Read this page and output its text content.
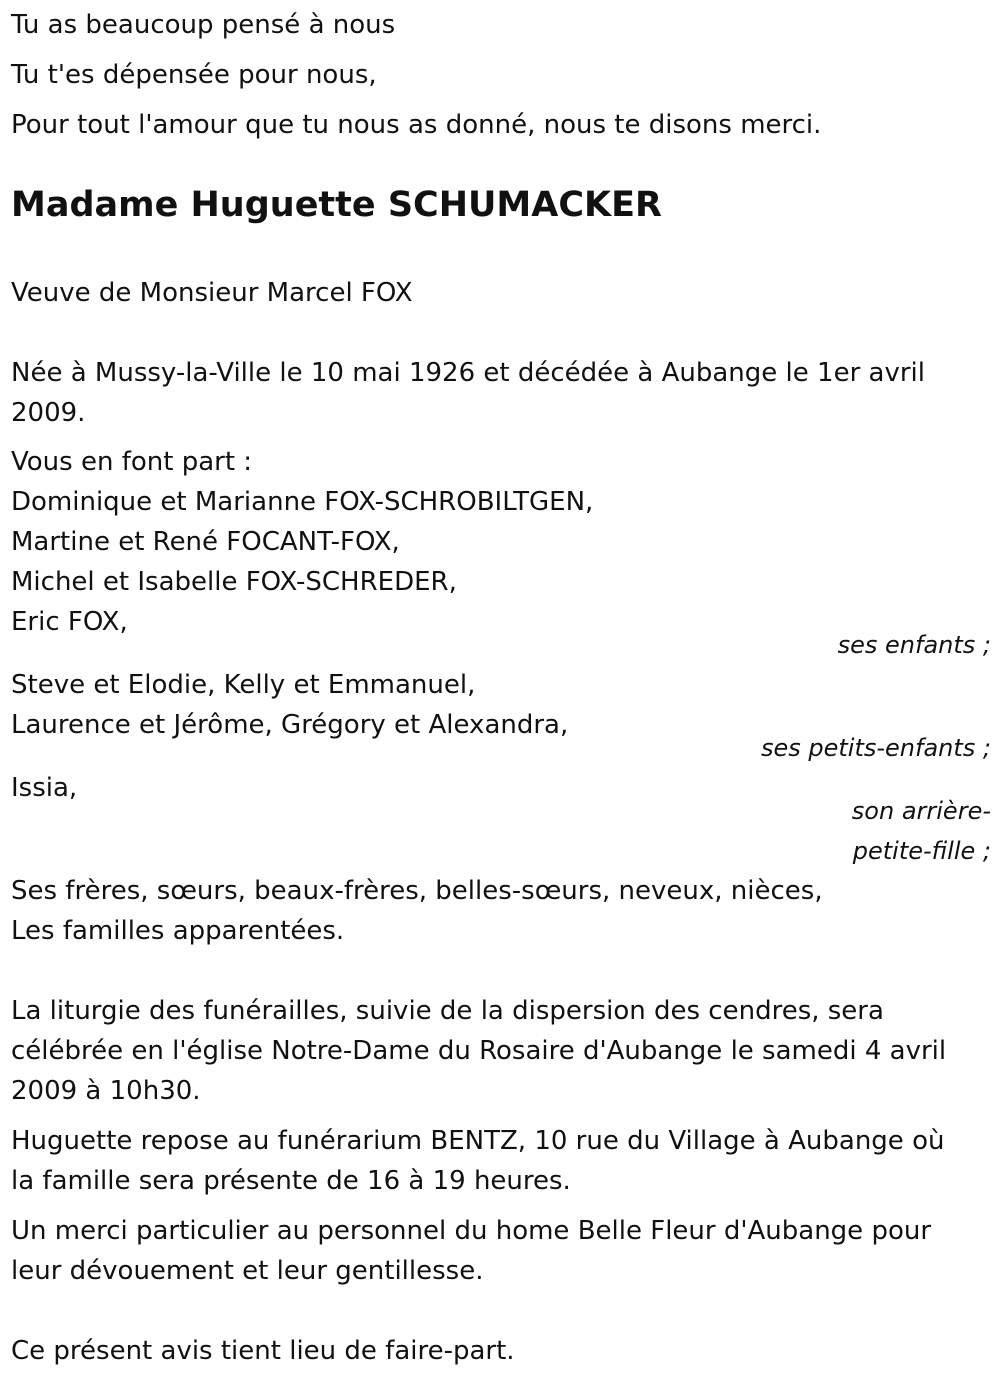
Tu as beaucoup pensé à nous
Tu t'es dépensée pour nous,
Pour tout l'amour que tu nous as donné, nous te disons merci.
Madame Huguette SCHUMACKER
Veuve de Monsieur Marcel FOX
Née à Mussy-la-Ville le 10 mai 1926 et décédée à Aubange le 1er avril
2009.
Vous en font part :
Dominique et Marianne FOX-SCHROBILTGEN,
Martine et René FOCANT-FOX,
Michel et Isabelle FOX-SCHREDER,
Eric FOX,
ses enfants ;
Steve et Elodie, Kelly et Emmanuel,
Laurence et Jérôme, Grégory et Alexandra,
ses petits-enfants ;
Issia,
son arrière-
petite-fille ;
Ses frères, sœurs, beaux-frères, belles-sœurs, neveux, nièces,
Les familles apparentées.
La liturgie des funérailles, suivie de la dispersion des cendres, sera
célébrée en l'église Notre-Dame du Rosaire d'Aubange le samedi 4 avril
2009 à 10h30.
Huguette repose au funérarium BENTZ, 10 rue du Village à Aubange où
la famille sera présente de 16 à 19 heures.
Un merci particulier au personnel du home Belle Fleur d'Aubange pour
leur dévouement et leur gentillesse.
Ce présent avis tient lieu de faire-part.
